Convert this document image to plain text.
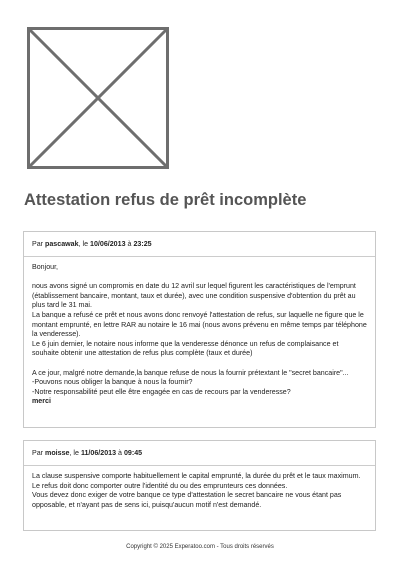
Attestation refus de prêt incomplète
Par pascawak, le 10/06/2013 à 23:25

Bonjour,

nous avons signé un compromis en date du 12 avril sur lequel figurent les caractéristiques de l'emprunt (établissement bancaire, montant, taux et durée), avec une condition suspensive d'obtention du prêt au plus tard le 31 mai.

La banque a refusé ce prêt et nous avons donc renvoyé l'attestation de refus, sur laquelle ne figure que le montant emprunté, en lettre RAR au notaire le 16 mai (nous avons prévenu en même temps par téléphone la venderesse).

Le 6 juin dernier, le notaire nous informe que la venderesse dénonce un refus de complaisance et souhaite obtenir une attestation de refus plus complète (taux et durée)

A ce jour, malgré notre demande,la banque refuse de nous la fournir prétextant le "secret bancaire"...

-Pouvons nous obliger la banque à nous la fournir?

-Notre responsabilité peut elle être engagée en cas de recours par la venderesse?

merci

Par moisse, le 11/06/2013 à 09:45

La clause suspensive comporte habituellement le capital emprunté, la durée du prêt et le taux maximum.

Le refus doit donc comporter outre l'identité du ou des emprunteurs ces données.

Vous devez donc exiger de votre banque ce type d'attestation le secret bancaire ne vous étant pas opposable, et n'ayant pas de sens ici, puisqu'aucun motif n'est demandé.

Copyright © 2025 Experatoo.com - Tous droits réservés
